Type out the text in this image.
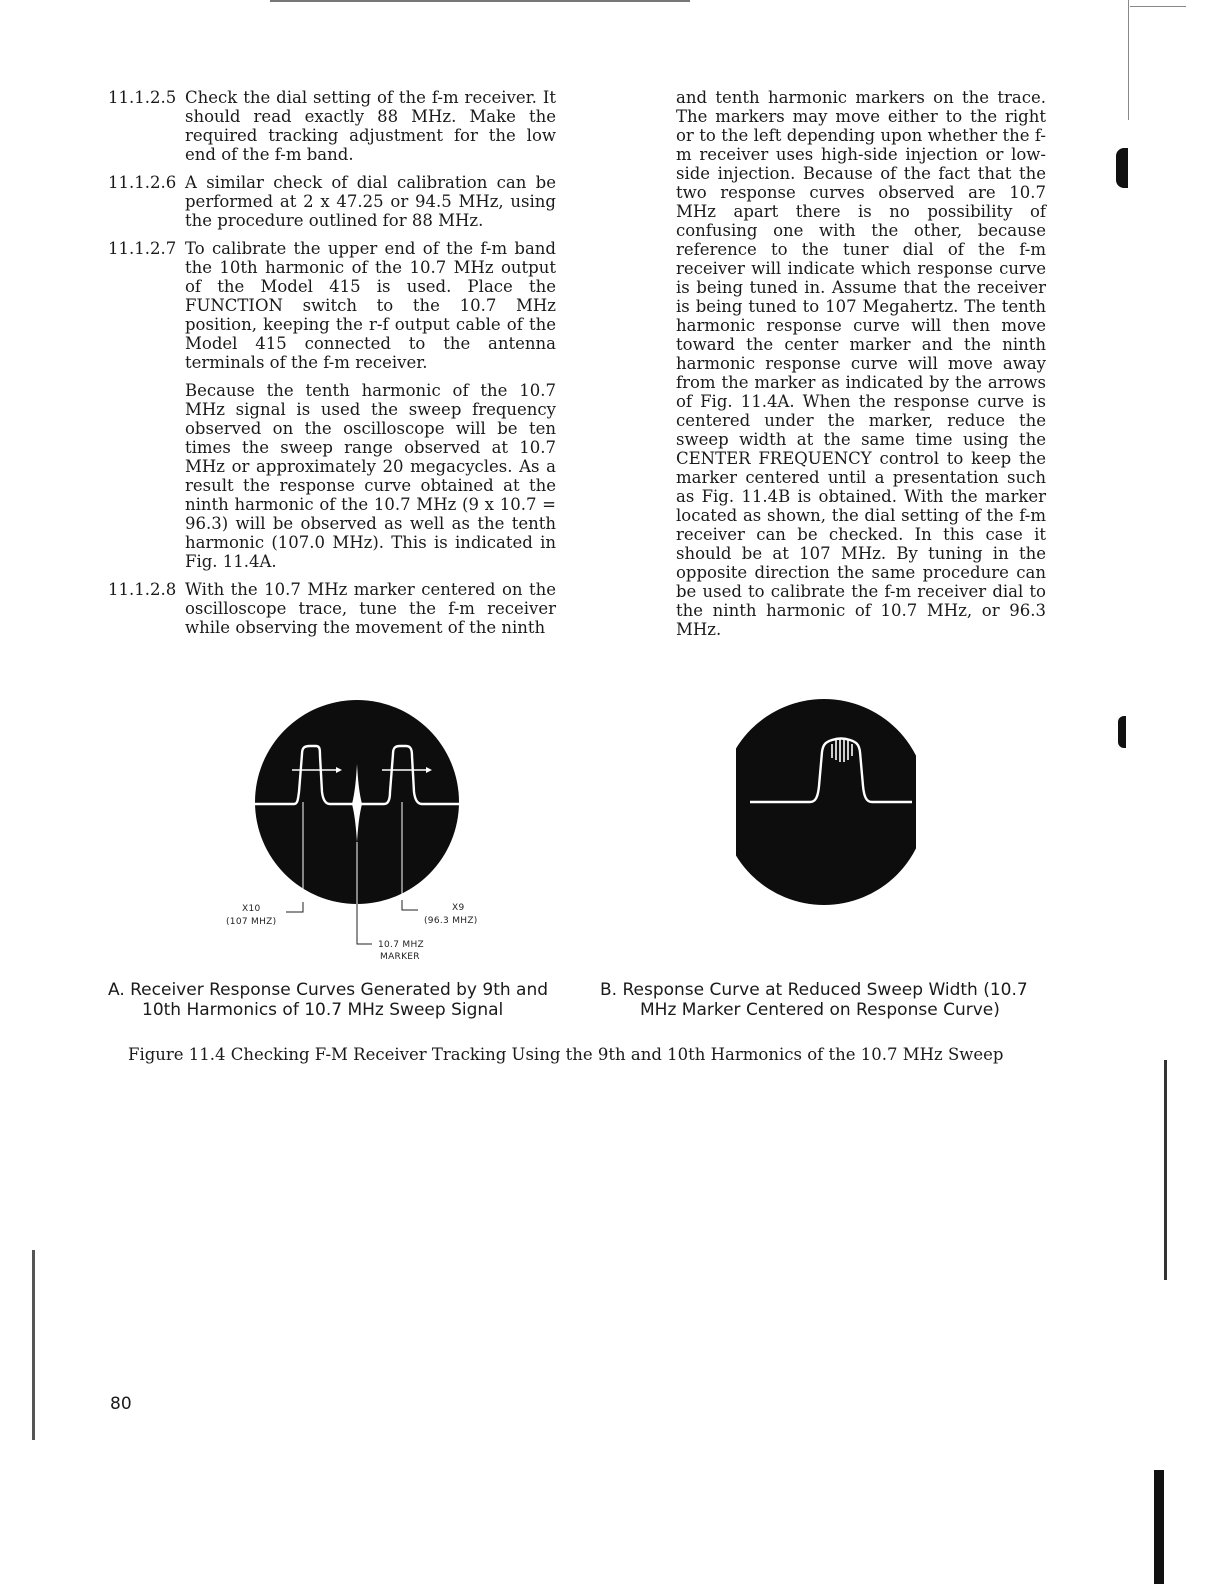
11.1.2.5 Check the dial setting of the f-m receiver. It should read exactly 88 MHz. Make the required tracking adjustment for the low end of the f-m band.

11.1.2.6 A similar check of dial calibration can be performed at 2 x 47.25 or 94.5 MHz, using the procedure outlined for 88 MHz.

11.1.2.7 To calibrate the upper end of the f-m band the 10th harmonic of the 10.7 MHz output of the Model 415 is used. Place the FUNCTION switch to the 10.7 MHz position, keeping the r-f output cable of the Model 415 connected to the antenna terminals of the f-m receiver.

Because the tenth harmonic of the 10.7 MHz signal is used the sweep frequency observed on the oscilloscope will be ten times the sweep range observed at 10.7 MHz or approximately 20 megacycles. As a result the response curve obtained at the ninth harmonic of the 10.7 MHz (9 x 10.7 = 96.3) will be observed as well as the tenth harmonic (107.0 MHz). This is indicated in Fig. 11.4A.

11.1.2.8 With the 10.7 MHz marker centered on the oscilloscope trace, tune the f-m receiver while observing the movement of the ninth

and tenth harmonic markers on the trace. The markers may move either to the right or to the left depending upon whether the f-m receiver uses high-side injection or low-side injection. Because of the fact that the two response curves observed are 10.7 MHz apart there is no possibility of confusing one with the other, because reference to the tuner dial of the f-m receiver will indicate which response curve is being tuned in. Assume that the receiver is being tuned to 107 Megahertz. The tenth harmonic response curve will then move toward the center marker and the ninth harmonic response curve will move away from the marker as indicated by the arrows of Fig. 11.4A. When the response curve is centered under the marker, reduce the sweep width at the same time using the CENTER FREQUENCY control to keep the marker centered until a presentation such as Fig. 11.4B is obtained. With the marker located as shown, the dial setting of the f-m receiver can be checked. In this case it should be at 107 MHz. By tuning in the opposite direction the same procedure can be used to calibrate the f-m receiver dial to the ninth harmonic of 10.7 MHz, or 96.3 MHz.
X10
(107 MHZ)
X9
(96.3 MHZ)
10.7 MHZ
MARKER
A. Receiver Response Curves Generated by 9th and
10th Harmonics of 10.7 MHz Sweep Signal
B. Response Curve at Reduced Sweep Width (10.7
MHz Marker Centered on Response Curve)
Figure 11.4 Checking F-M Receiver Tracking Using the 9th and 10th Harmonics of the 10.7 MHz Sweep
80
